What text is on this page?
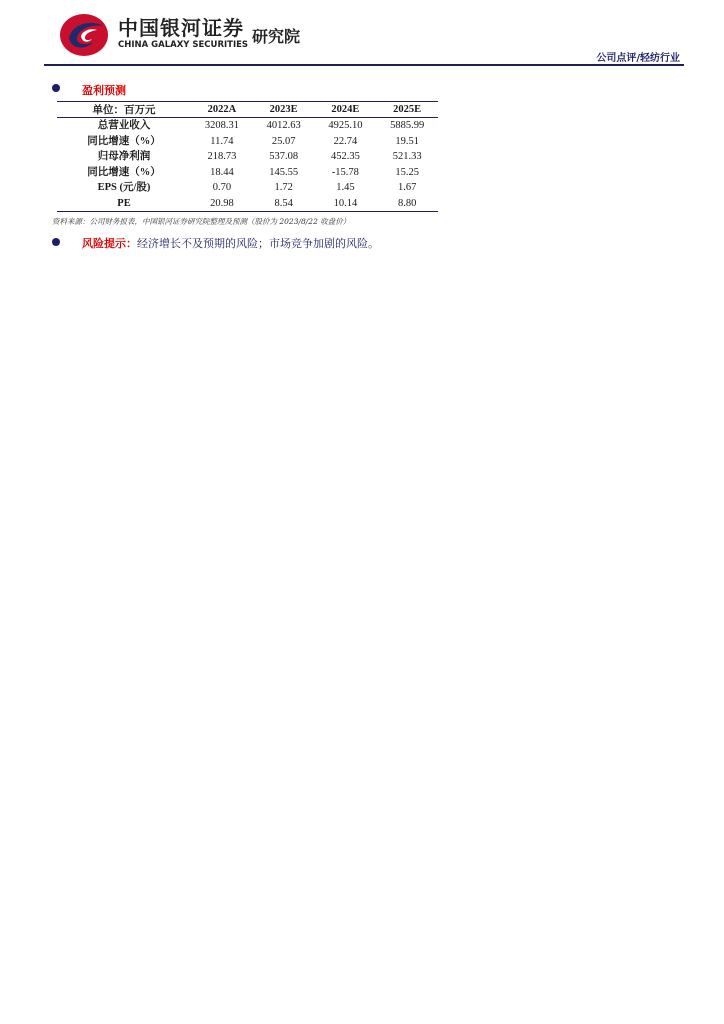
中国银河证券
CHINA GALAXY SECURITIES 研究院
公司点评/轻纺行业
盈利预测
单位：百万元	2022A	2023E	2024E	2025E
总营业收入	3208.31	4012.63	4925.10	5885.99
同比增速（%）	11.74	25.07	22.74	19.51
归母净利润	218.73	537.08	452.35	521.33
同比增速（%）	18.44	145.55	-15.78	15.25
EPS (元/股)	0.70	1.72	1.45	1.67
PE	20.98	8.54	10.14	8.80
资料来源：公司财务报表，中国银河证券研究院整理及预测（股价为 2023/8/22 收盘价）
风险提示：经济增长不及预期的风险；市场竞争加剧的风险。
